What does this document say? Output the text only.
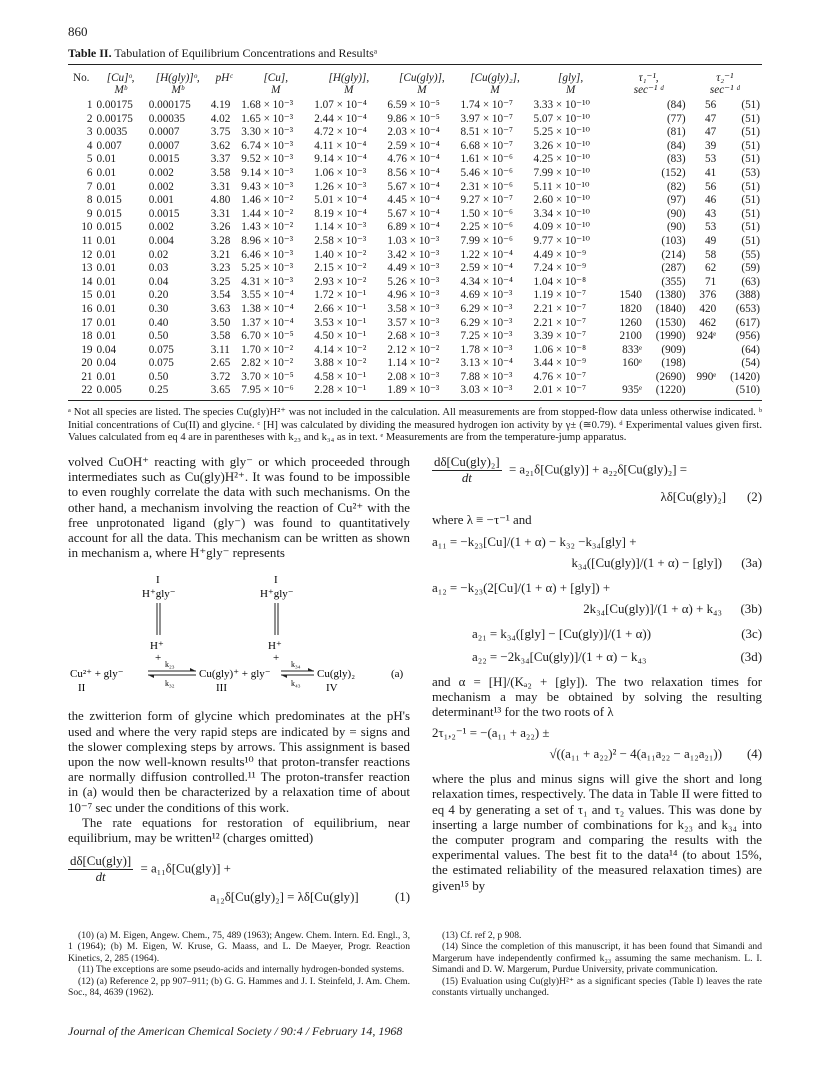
860
Table II. Tabulation of Equilibrium Concentrations and Resultsᵃ
No.	[Cu]ᵒ,	[H(gly)]ᵒ,	pHᶜ	[Cu],	[H(gly)],	[Cu(gly)],	[Cu(gly)₂],	[gly],	τ₁⁻¹,		τ₂⁻¹	
	Mᵇ	Mᵇ		M	M	M	M	M	sec⁻¹ ᵈ		sec⁻¹ ᵈ	
1	0.00175	0.000175	4.19	1.68 × 10⁻³	1.07 × 10⁻⁴	6.59 × 10⁻⁵	1.74 × 10⁻⁷	3.33 × 10⁻¹⁰		(84)	56	(51)
2	0.00175	0.00035	4.02	1.65 × 10⁻³	2.44 × 10⁻⁴	9.86 × 10⁻⁵	3.97 × 10⁻⁷	5.07 × 10⁻¹⁰		(77)	47	(51)
3	0.0035	0.0007	3.75	3.30 × 10⁻³	4.72 × 10⁻⁴	2.03 × 10⁻⁴	8.51 × 10⁻⁷	5.25 × 10⁻¹⁰		(81)	47	(51)
4	0.007	0.0007	3.62	6.74 × 10⁻³	4.11 × 10⁻⁴	2.59 × 10⁻⁴	6.68 × 10⁻⁷	3.26 × 10⁻¹⁰		(84)	39	(51)
5	0.01	0.0015	3.37	9.52 × 10⁻³	9.14 × 10⁻⁴	4.76 × 10⁻⁴	1.61 × 10⁻⁶	4.25 × 10⁻¹⁰		(83)	53	(51)
6	0.01	0.002	3.58	9.14 × 10⁻³	1.06 × 10⁻³	8.56 × 10⁻⁴	5.46 × 10⁻⁶	7.99 × 10⁻¹⁰		(152)	41	(53)
7	0.01	0.002	3.31	9.43 × 10⁻³	1.26 × 10⁻³	5.67 × 10⁻⁴	2.31 × 10⁻⁶	5.11 × 10⁻¹⁰		(82)	56	(51)
8	0.015	0.001	4.80	1.46 × 10⁻²	5.01 × 10⁻⁴	4.45 × 10⁻⁴	9.27 × 10⁻⁷	2.60 × 10⁻¹⁰		(97)	46	(51)
9	0.015	0.0015	3.31	1.44 × 10⁻²	8.19 × 10⁻⁴	5.67 × 10⁻⁴	1.50 × 10⁻⁶	3.34 × 10⁻¹⁰		(90)	43	(51)
10	0.015	0.002	3.26	1.43 × 10⁻²	1.14 × 10⁻³	6.89 × 10⁻⁴	2.25 × 10⁻⁶	4.09 × 10⁻¹⁰		(90)	53	(51)
11	0.01	0.004	3.28	8.96 × 10⁻³	2.58 × 10⁻³	1.03 × 10⁻³	7.99 × 10⁻⁶	9.77 × 10⁻¹⁰		(103)	49	(51)
12	0.01	0.02	3.21	6.46 × 10⁻³	1.40 × 10⁻²	3.42 × 10⁻³	1.22 × 10⁻⁴	4.49 × 10⁻⁹		(214)	58	(55)
13	0.01	0.03	3.23	5.25 × 10⁻³	2.15 × 10⁻²	4.49 × 10⁻³	2.59 × 10⁻⁴	7.24 × 10⁻⁹		(287)	62	(59)
14	0.01	0.04	3.25	4.31 × 10⁻³	2.93 × 10⁻²	5.26 × 10⁻³	4.34 × 10⁻⁴	1.04 × 10⁻⁸		(355)	71	(63)
15	0.01	0.20	3.54	3.55 × 10⁻⁴	1.72 × 10⁻¹	4.96 × 10⁻³	4.69 × 10⁻³	1.19 × 10⁻⁷	1540	(1380)	376	(388)
16	0.01	0.30	3.63	1.38 × 10⁻⁴	2.66 × 10⁻¹	3.58 × 10⁻³	6.29 × 10⁻³	2.21 × 10⁻⁷	1820	(1840)	420	(653)
17	0.01	0.40	3.50	1.37 × 10⁻⁴	3.53 × 10⁻¹	3.57 × 10⁻³	6.29 × 10⁻³	2.21 × 10⁻⁷	1260	(1530)	462	(617)
18	0.01	0.50	3.58	6.70 × 10⁻⁵	4.50 × 10⁻¹	2.68 × 10⁻³	7.25 × 10⁻³	3.39 × 10⁻⁷	2100	(1990)	924ᵉ	(956)
19	0.04	0.075	3.11	1.70 × 10⁻²	4.14 × 10⁻²	2.12 × 10⁻²	1.78 × 10⁻³	1.06 × 10⁻⁸	833ᵉ	(909)		(64)
20	0.04	0.075	2.65	2.82 × 10⁻²	3.88 × 10⁻²	1.14 × 10⁻²	3.13 × 10⁻⁴	3.44 × 10⁻⁹	160ᵉ	(198)		(54)
21	0.01	0.50	3.72	3.70 × 10⁻⁵	4.58 × 10⁻¹	2.08 × 10⁻³	7.88 × 10⁻³	4.76 × 10⁻⁷		(2690)	990ᵉ	(1420)
22	0.005	0.25	3.65	7.95 × 10⁻⁶	2.28 × 10⁻¹	1.89 × 10⁻³	3.03 × 10⁻³	2.01 × 10⁻⁷	935ᵉ	(1220)		(510)
ᵃ Not all species are listed. The species Cu(gly)H²⁺ was not included in the calculation. All measurements are from stopped-flow data unless otherwise indicated. ᵇ Initial concentrations of Cu(II) and glycine. ᶜ [H] was calculated by dividing the measured hydrogen ion activity by γ± (≅0.79). ᵈ Experimental values given first. Values calculated from eq 4 are in parentheses with k₂₃ and k₃₄ as in text. ᵉ Measurements are from the temperature-jump apparatus.

volved CuOH⁺ reacting with gly⁻ or which proceeded through intermediates such as Cu(gly)H²⁺. It was found to be impossible to even roughly correlate the data with such mechanisms. On the other hand, a mechanism involving the reaction of Cu²⁺ with the free unprotonated ligand (gly⁻) was found to quantitatively account for all the data. This mechanism can be written as shown in mechanism a, where H⁺gly⁻ represents

I	I
H⁺gly⁻	H⁺gly⁻
H⁺	H⁺
+	+
Cu²⁺ + gly⁻
k₂₃
k₃₂
Cu(gly)⁺ + gly⁻
k₃₄
k₄₃
Cu(gly)₂	(a)
II	III	IV

the zwitterion form of glycine which predominates at the pH's used and where the very rapid steps are indicated by = signs and the slower complexing steps by arrows. This assignment is based upon the now well-known results¹⁰ that proton-transfer reactions are normally diffusion controlled.¹¹ The proton-transfer reaction in (a) would then be characterized by a relaxation time of about 10⁻⁷ sec under the conditions of this work.

The rate equations for restoration of equilibrium, near equilibrium, may be written¹² (charges omitted)

$\frac{\text{dδ[Cu(gly)]}}{dt} = a_{11}\delta[Cu(gly)]$ +
a₁₂δ[Cu(gly)₂] = λδ[Cu(gly)]	(1)
$\frac{\text{dδ[Cu(gly)₂]}}{dt} = a_{21}\delta[Cu(gly)] + a_{22}\delta[Cu(gly)_2]$ =
λδ[Cu(gly)₂] (2)

where λ ≡ −τ⁻¹ and

a₁₁ = −k₂₃[Cu]/(1 + α) − k₃₂ −k₃₄[gly] +
k₃₄([Cu(gly)]/(1 + α) − [gly]) (3a)
a₁₂ = −k₂₃(2[Cu]/(1 + α) + [gly]) +
2k₃₄[Cu(gly)]/(1 + α) + k₄₃ (3b)
a₂₁ = k₃₄([gly] − [Cu(gly)]/(1 + α))	(3c)
a₂₂ = −2k₃₄[Cu(gly)]/(1 + α) − k₄₃	(3d)

and α = [H]/(Kₐ₂ + [gly]). The two relaxation times for mechanism a may be obtained by solving the resulting determinant¹³ for the two roots of λ

2τ₁,₂⁻¹ = −(a₁₁ + a₂₂) ±
√((a₁₁ + a₂₂)² − 4(a₁₁a₂₂ − a₁₂a₂₁)) (4)

where the plus and minus signs will give the short and long relaxation times, respectively. The data in Table II were fitted to eq 4 by generating a set of τ₁ and τ₂ values. This was done by inserting a large number of combinations for k₂₃ and k₃₄ into the computer program and comparing the results with the experimental values. The best fit to the data¹⁴ (to about 15%, the estimated reliability of the measured relaxation times) are given¹⁵ by

(10) (a) M. Eigen, Angew. Chem., 75, 489 (1963); Angew. Chem. Intern. Ed. Engl., 3, 1 (1964); (b) M. Eigen, W. Kruse, G. Maass, and L. De Maeyer, Progr. Reaction Kinetics, 2, 285 (1964).

(11) The exceptions are some pseudo-acids and internally hydrogen-bonded systems.

(12) (a) Reference 2, pp 907–911; (b) G. G. Hammes and J. I. Steinfeld, J. Am. Chem. Soc., 84, 4639 (1962).

(13) Cf. ref 2, p 908.

(14) Since the completion of this manuscript, it has been found that Simandi and Margerum have independently confirmed k₂₃ assuming the same mechanism. L. I. Simandi and D. W. Margerum, Purdue University, private communication.

(15) Evaluation using Cu(gly)H²⁺ as a significant species (Table I) leaves the rate constants virtually unchanged.

Journal of the American Chemical Society / 90:4 / February 14, 1968
